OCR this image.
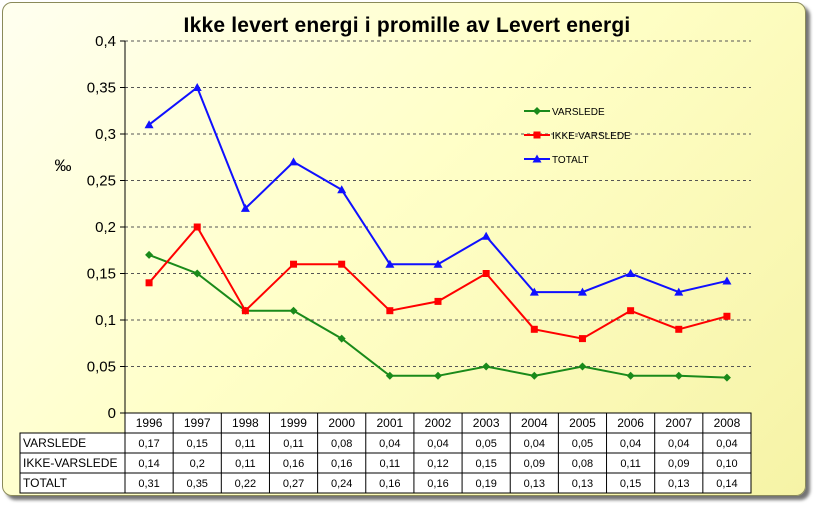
Ikke levert energi i promille av Levert energi
0
0,05
0,1
0,15
0,2
0,25
0,3
0,35
0,4
‰
1996 1997 1998 1999 2000 2001 2002 2003 2004 2005 2006 2007 2008
VARSLEDE	0,17 0,15 0,11	0,11 0,08 0,04 0,04 0,05 0,04 0,05 0,04 0,04 0,04
IKKE-VARSLEDE 0,14	0,2	0,11 0,16 0,16 0,11 0,12 0,15 0,09 0,08 0,11 0,09 0,10
TOTALT	0,31 0,35 0,22 0,27 0,24 0,16 0,16 0,19 0,13 0,13 0,15 0,13 0,14
VARSLEDE
IKKE-VARSLEDE
TOTALT
